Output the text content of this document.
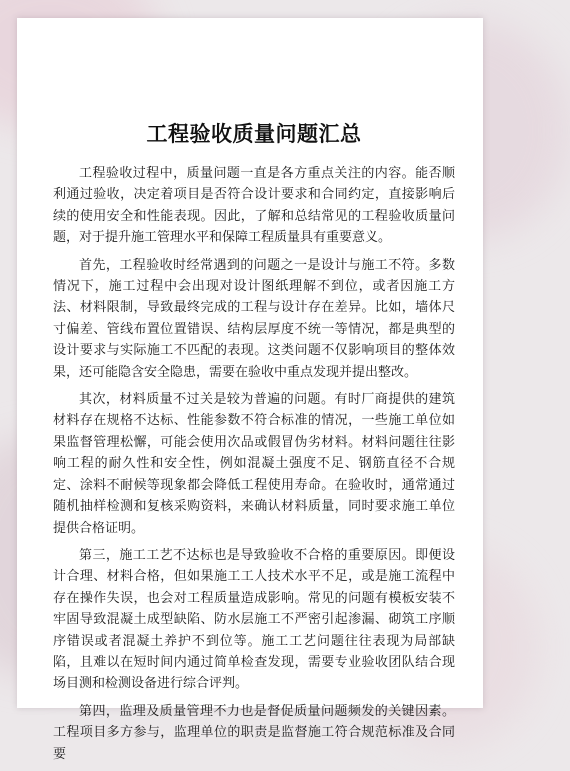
工程验收质量问题汇总

工程验收过程中，质量问题一直是各方重点关注的内容。能否顺利通过验收，决定着项目是否符合设计要求和合同约定，直接影响后续的使用安全和性能表现。因此，了解和总结常见的工程验收质量问题，对于提升施工管理水平和保障工程质量具有重要意义。

首先，工程验收时经常遇到的问题之一是设计与施工不符。多数情况下，施工过程中会出现对设计图纸理解不到位，或者因施工方法、材料限制，导致最终完成的工程与设计存在差异。比如，墙体尺寸偏差、管线布置位置错误、结构层厚度不统一等情况，都是典型的设计要求与实际施工不匹配的表现。这类问题不仅影响项目的整体效果，还可能隐含安全隐患，需要在验收中重点发现并提出整改。

其次，材料质量不过关是较为普遍的问题。有时厂商提供的建筑材料存在规格不达标、性能参数不符合标准的情况，一些施工单位如果监督管理松懈，可能会使用次品或假冒伪劣材料。材料问题往往影响工程的耐久性和安全性，例如混凝土强度不足、钢筋直径不合规定、涂料不耐候等现象都会降低工程使用寿命。在验收时，通常通过随机抽样检测和复核采购资料，来确认材料质量，同时要求施工单位提供合格证明。

第三，施工工艺不达标也是导致验收不合格的重要原因。即便设计合理、材料合格，但如果施工工人技术水平不足，或是施工流程中存在操作失误，也会对工程质量造成影响。常见的问题有模板安装不牢固导致混凝土成型缺陷、防水层施工不严密引起渗漏、砌筑工序顺序错误或者混凝土养护不到位等。施工工艺问题往往表现为局部缺陷，且难以在短时间内通过简单检查发现，需要专业验收团队结合现场目测和检测设备进行综合评判。

第四，监理及质量管理不力也是督促质量问题频发的关键因素。工程项目多方参与，监理单位的职责是监督施工符合规范标准及合同要
